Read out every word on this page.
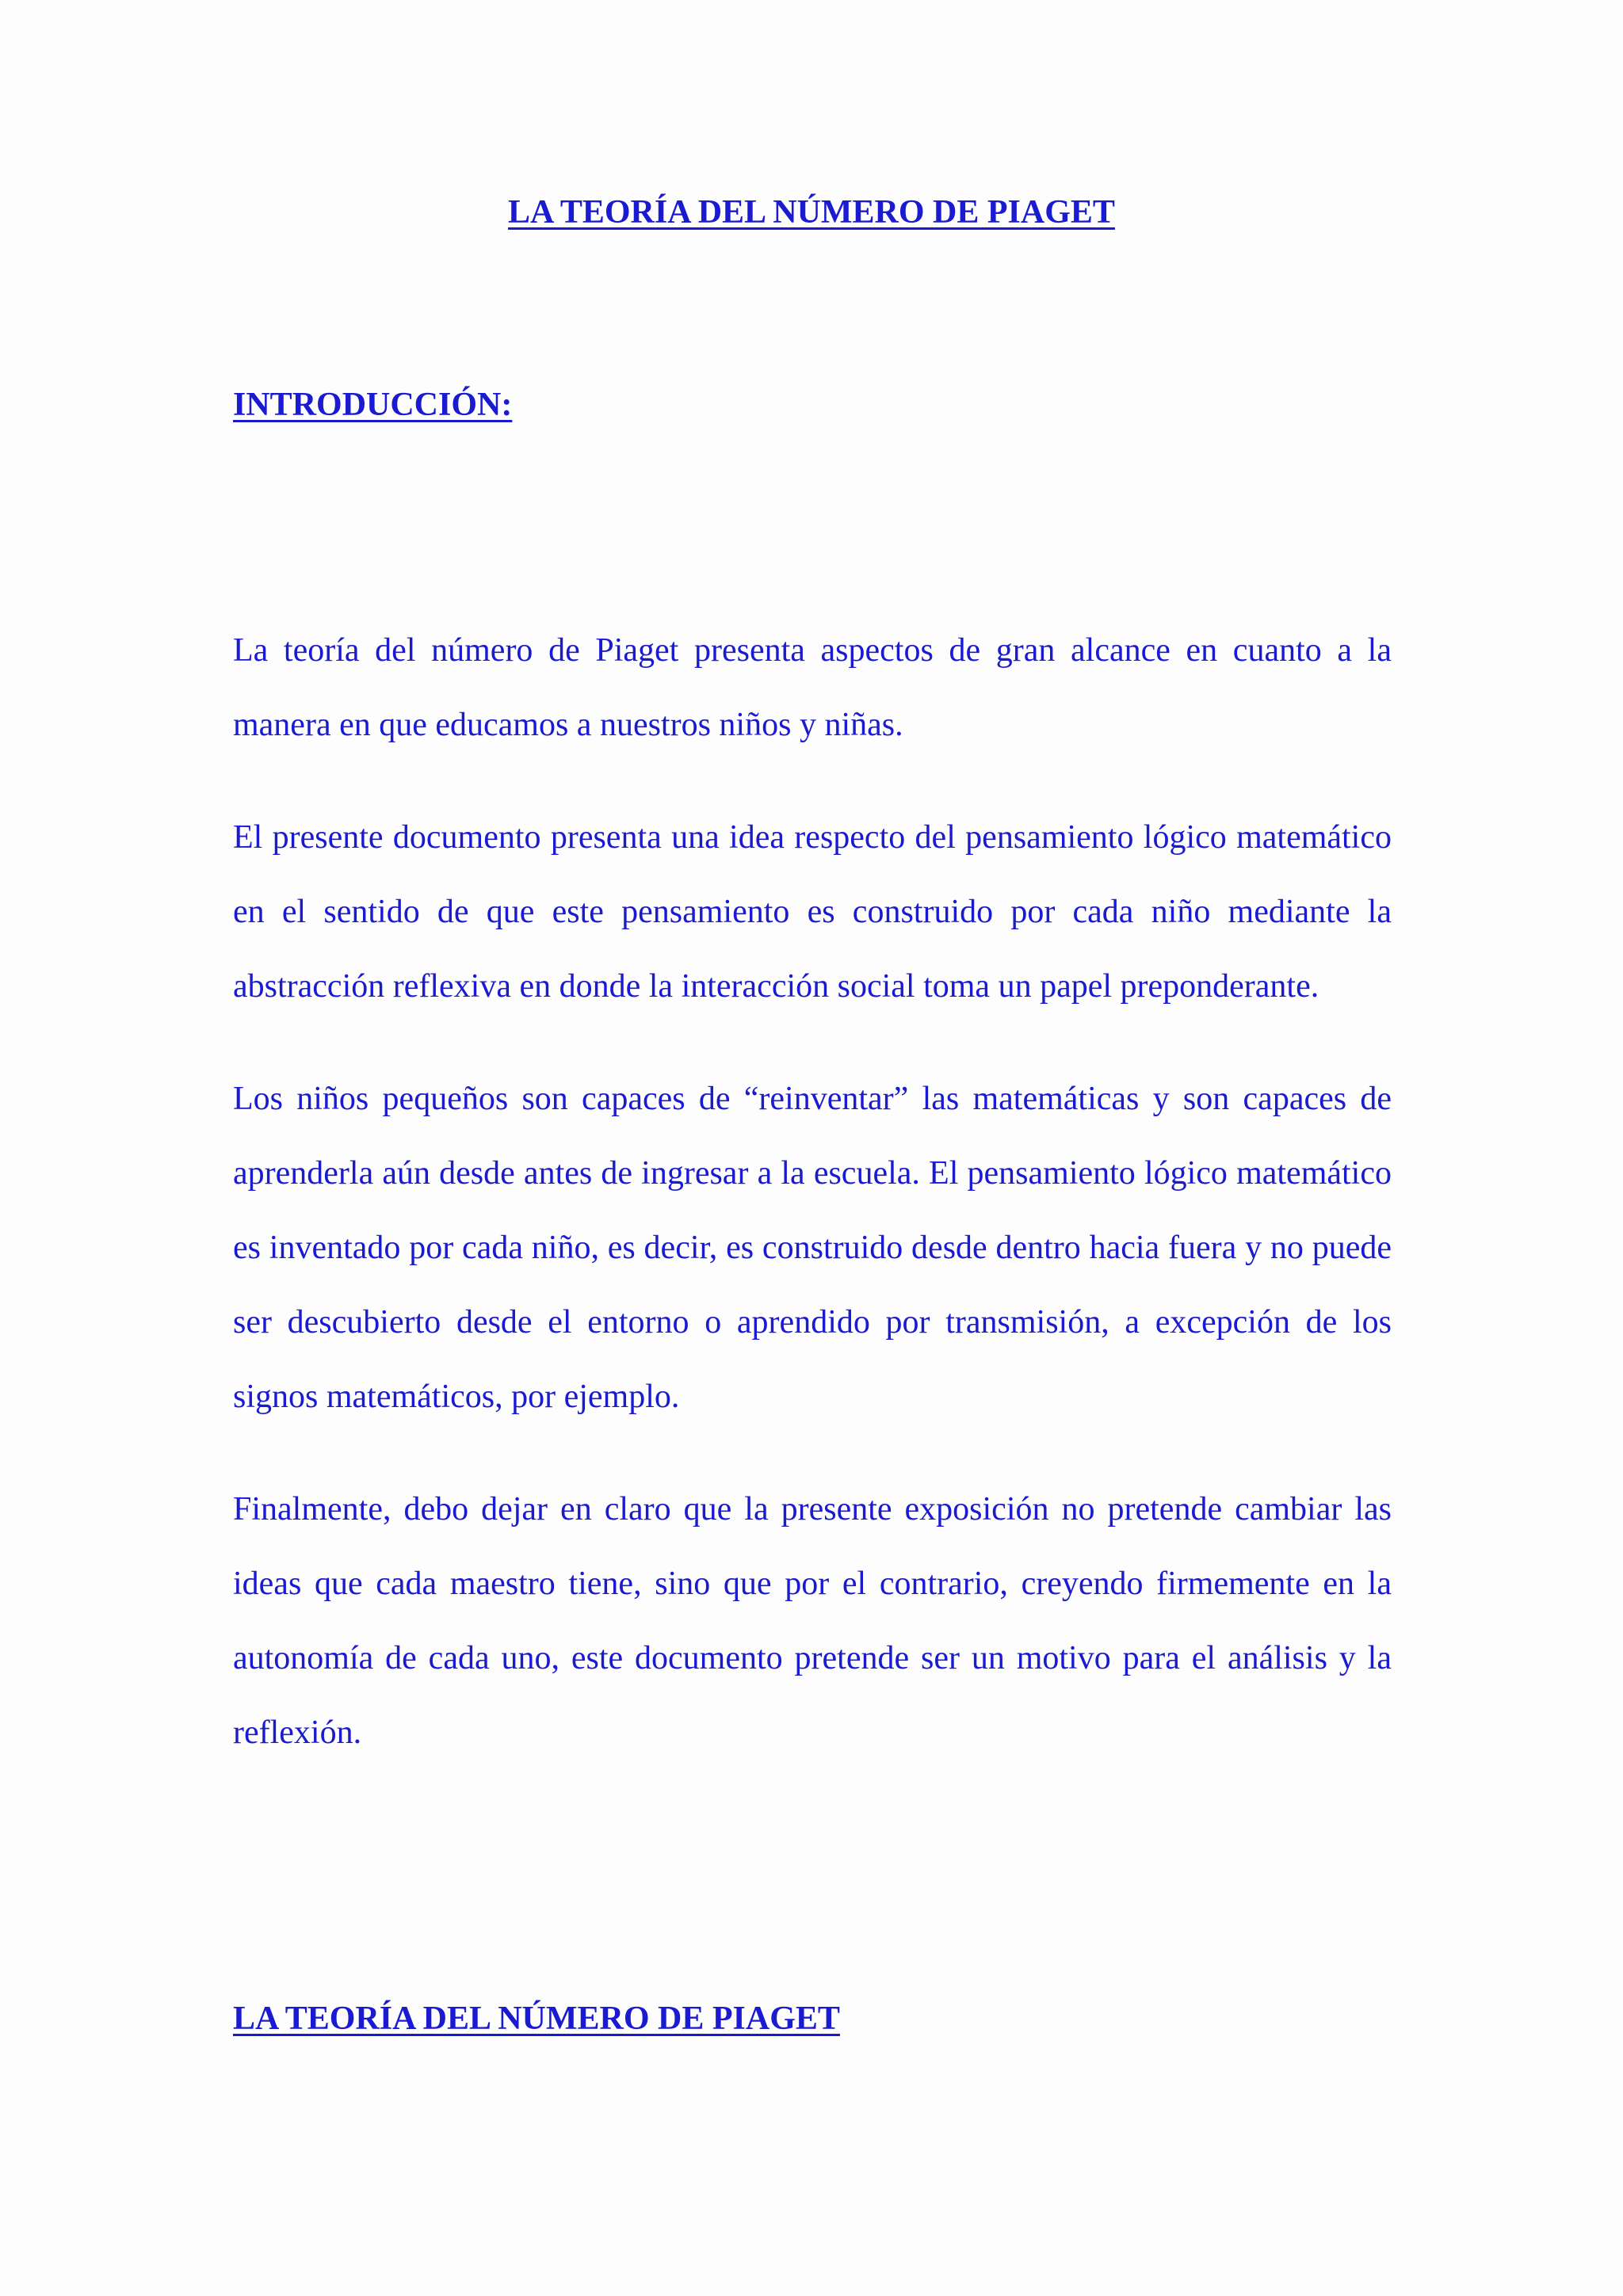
LA TEORÍA DEL NÚMERO DE PIAGET
INTRODUCCIÓN:

La teoría del número de Piaget presenta aspectos de gran alcance en cuanto a la manera en que educamos a nuestros niños y niñas.

El presente documento presenta una idea respecto del pensamiento lógico matemático en el sentido de que este pensamiento es construido por cada niño mediante la abstracción reflexiva en donde la interacción social toma un papel preponderante.

Los niños pequeños son capaces de “reinventar” las matemáticas y son capaces de aprenderla aún desde antes de ingresar a la escuela. El pensamiento lógico matemático es inventado por cada niño, es decir, es construido desde dentro hacia fuera y no puede ser descubierto desde el entorno o aprendido por transmisión, a excepción de los signos matemáticos, por ejemplo.

Finalmente, debo dejar en claro que la presente exposición no pretende cambiar las ideas que cada maestro tiene, sino que por el contrario, creyendo firmemente en la autonomía de cada uno, este documento pretende ser un motivo para el análisis y la reflexión.

LA TEORÍA DEL NÚMERO DE PIAGET
